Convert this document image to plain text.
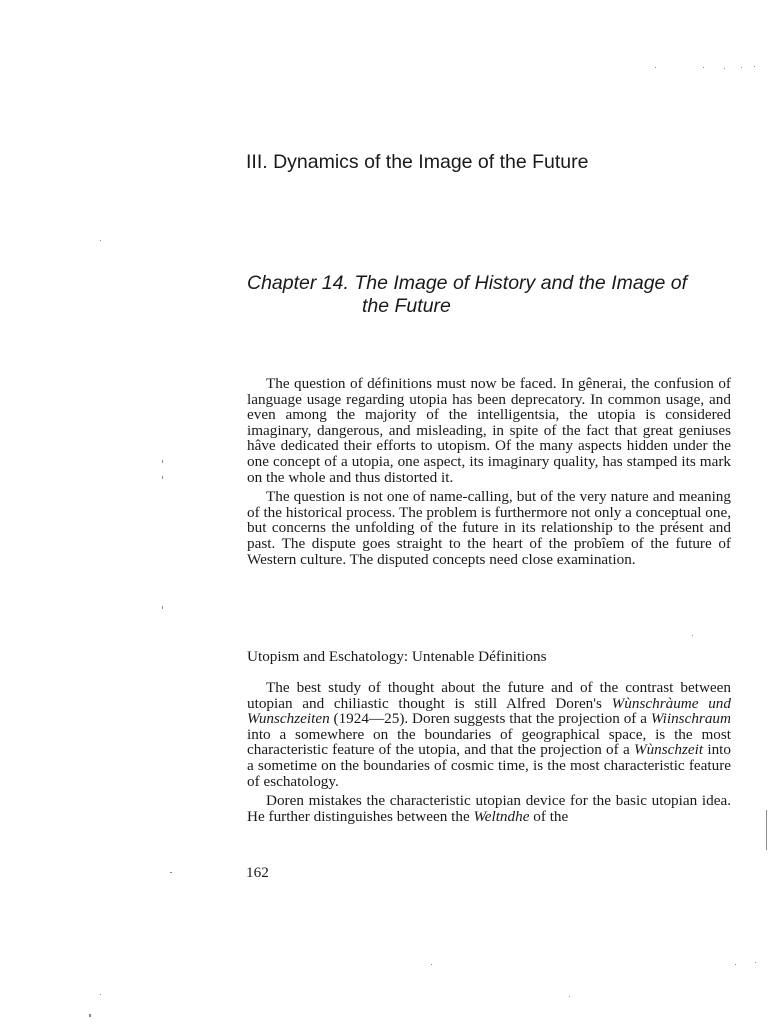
III. Dynamics of the Image of the Future
Chapter 14. The Image of History and the Image of
the Future

The question of définitions must now be faced. In gênerai, the confusion of language usage regarding utopia has been deprecatory. In common usage, and even among the majority of the intelligentsia, the utopia is considered imaginary, dangerous, and misleading, in spite of the fact that great geniuses hâve dedicated their efforts to utopism. Of the many aspects hidden under the one concept of a utopia, one aspect, its imaginary quality, has stamped its mark on the whole and thus distorted it.

The question is not one of name-calling, but of the very nature and meaning of the historical process. The problem is furthermore not only a conceptual one, but concerns the unfolding of the future in its relationship to the présent and past. The dispute goes straight to the heart of the probîem of the future of Western culture. The disputed concepts need close examination.

Utopism and Eschatology: Untenable Définitions

The best study of thought about the future and of the contrast between utopian and chiliastic thought is still Alfred Doren's Wùnschràume und Wunschzeiten (1924—25). Doren suggests that the projection of a Wiinschraum into a somewhere on the boundaries of geographical space, is the most characteristic feature of the utopia, and that the projection of a Wùnschzeit into a sometime on the boundaries of cosmic time, is the most characteristic feature of eschatology.

Doren mistakes the characteristic utopian device for the basic utopian idea. He further distinguishes between the Weltndhe of the

162
